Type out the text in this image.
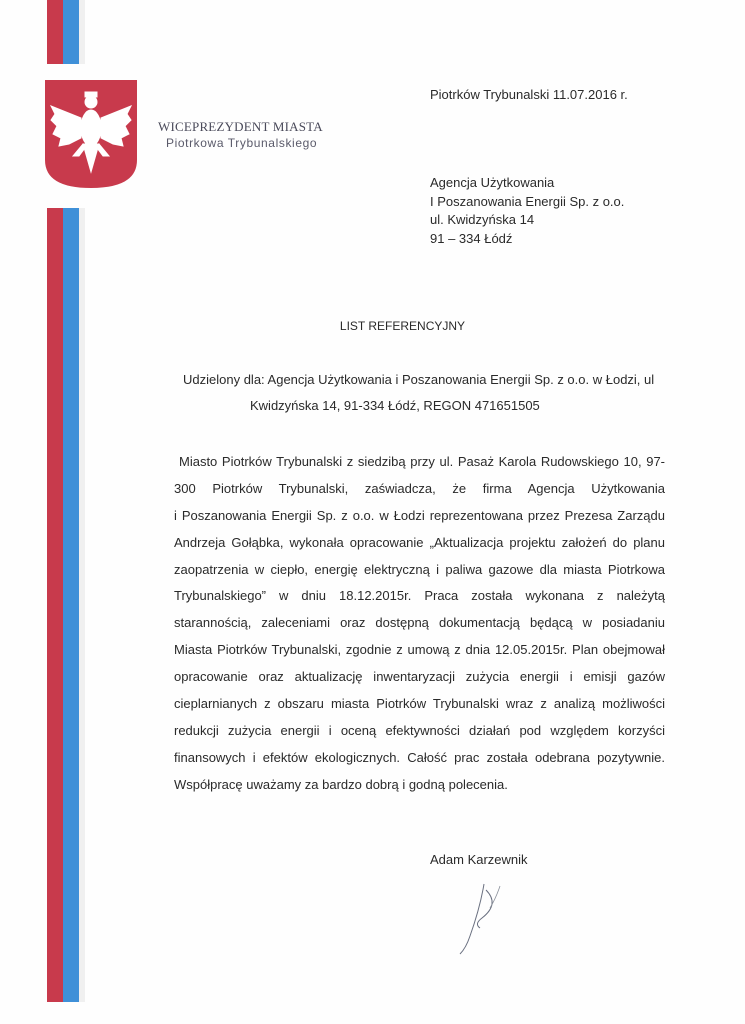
WICEPREZYDENT MIASTA
Piotrkowa Trybunalskiego
Piotrków Trybunalski 11.07.2016 r.
Agencja Użytkowania
I Poszanowania Energii Sp. z o.o.
ul. Kwidzyńska 14
91 – 334 Łódź
LIST REFERENCYJNY
Udzielony dla: Agencja Użytkowania i Poszanowania Energii Sp. z o.o. w Łodzi, ul
Kwidzyńska 14, 91-334 Łódź, REGON 471651505
Miasto Piotrków Trybunalski z siedzibą przy ul. Pasaż Karola Rudowskiego 10, 97-
300 Piotrków Trybunalski, zaświadcza, że firma Agencja Użytkowania
i Poszanowania Energii Sp. z o.o. w Łodzi reprezentowana przez Prezesa Zarządu
Andrzeja Gołąbka, wykonała opracowanie „Aktualizacja projektu założeń do planu
zaopatrzenia w ciepło, energię elektryczną i paliwa gazowe dla miasta Piotrkowa
Trybunalskiego” w dniu 18.12.2015r. Praca została wykonana z należytą
starannością, zaleceniami oraz dostępną dokumentacją będącą w posiadaniu
Miasta Piotrków Trybunalski, zgodnie z umową z dnia 12.05.2015r. Plan obejmował
opracowanie oraz aktualizację inwentaryzacji zużycia energii i emisji gazów
cieplarnianych z obszaru miasta Piotrków Trybunalski wraz z analizą możliwości
redukcji zużycia energii i oceną efektywności działań pod względem korzyści
finansowych i efektów ekologicznych. Całość prac została odebrana pozytywnie.
Współpracę uważamy za bardzo dobrą i godną polecenia.
Adam Karzewnik
